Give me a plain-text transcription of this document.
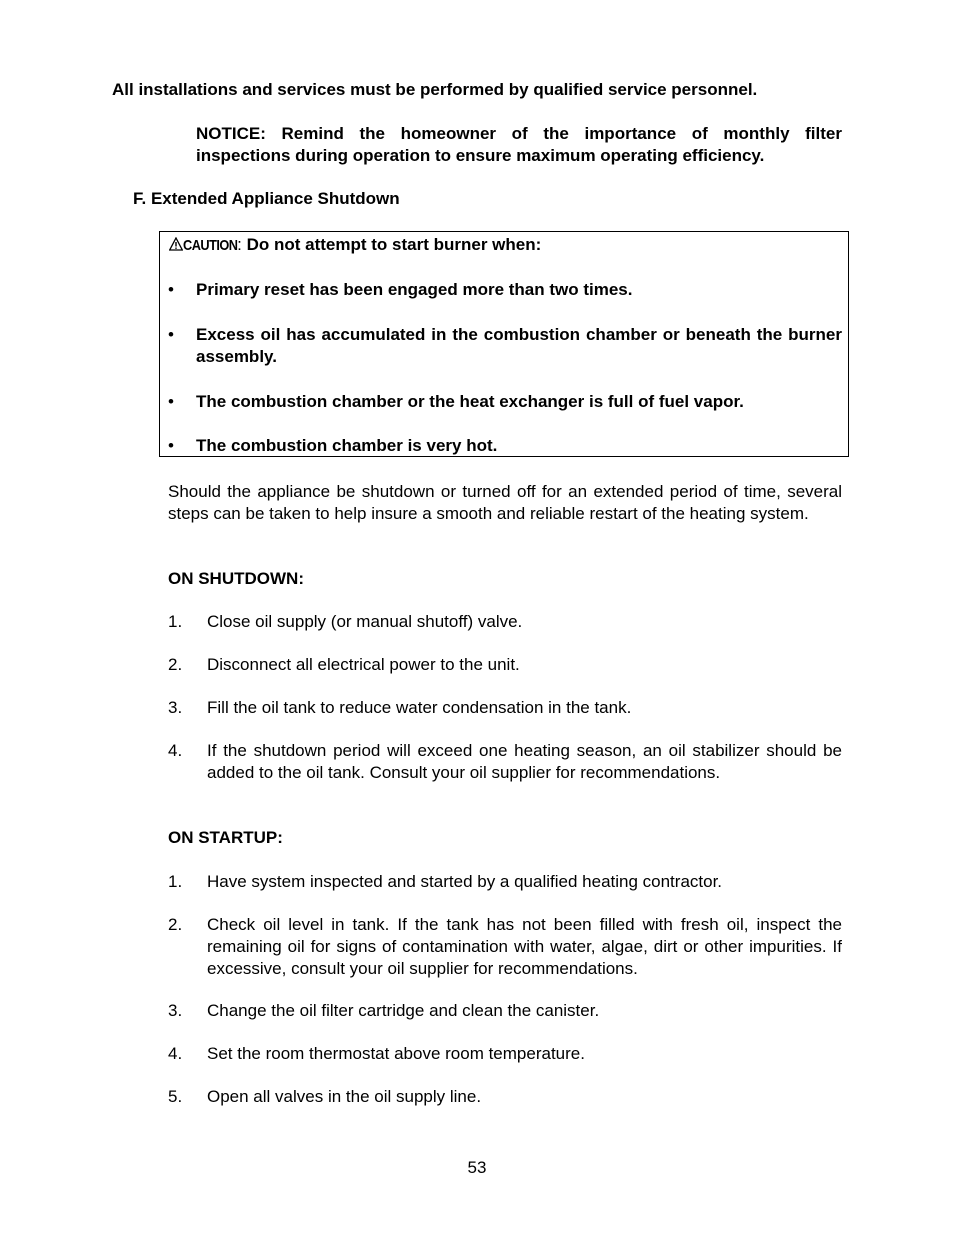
All installations and services must be performed by qualified service personnel.
NOTICE: Remind the homeowner of the importance of monthly filter inspections during operation to ensure maximum operating efficiency.
F. Extended Appliance Shutdown
CAUTION: Do not attempt to start burner when:
• Primary reset has been engaged more than two times.
• Excess oil has accumulated in the combustion chamber or beneath the burner assembly.
• The combustion chamber or the heat exchanger is full of fuel vapor.
• The combustion chamber is very hot.
Should the appliance be shutdown or turned off for an extended period of time, several steps can be taken to help insure a smooth and reliable restart of the heating system.
ON SHUTDOWN:
1. Close oil supply (or manual shutoff) valve.
2. Disconnect all electrical power to the unit.
3. Fill the oil tank to reduce water condensation in the tank.
4. If the shutdown period will exceed one heating season, an oil stabilizer should be added to the oil tank. Consult your oil supplier for recommendations.
ON STARTUP:
1. Have system inspected and started by a qualified heating contractor.
2. Check oil level in tank. If the tank has not been filled with fresh oil, inspect the remaining oil for signs of contamination with water, algae, dirt or other impurities. If excessive, consult your oil supplier for recommendations.
3. Change the oil filter cartridge and clean the canister.
4. Set the room thermostat above room temperature.
5. Open all valves in the oil supply line.
53
